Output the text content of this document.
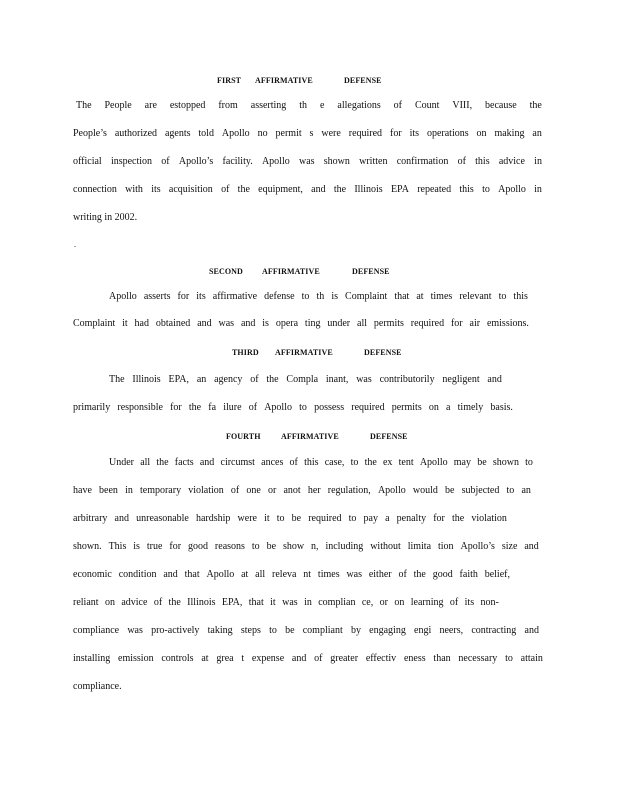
FIRST AFFIRMATIVE	DEFENSE
The People are estopped from asserting th e allegations of Count VIII, because the
People’s authorized agents told Apollo no permit s were required for its operations on making an
official inspection of Apollo’s facility. Apollo was shown written confirmation of this advice in
connection with its acquisition of the equipment, and the Illinois EPA repeated this to Apollo in
writing in 2002.
.
SECOND AFFIRMATIVE	DEFENSE
Apollo asserts for its affirmative defense to th is Complaint that at times relevant to this
Complaint it had obtained and was and is opera ting under all permits required for air emissions.
THIRD AFFIRMATIVE	DEFENSE
The Illinois EPA, an agency of the Compla inant, was contributorily negligent and
primarily responsible for the fa ilure of Apollo to possess required permits on a timely basis.
FOURTH	AFFIRMATIVE	DEFENSE
Under all the facts and circumst ances of this case, to the ex tent Apollo may be shown to
have been in temporary violation of one or anot her regulation, Apollo would be subjected to an
arbitrary and unreasonable hardship were it to be required to pay a penalty for the violation
shown. This is true for good reasons to be show n, including without limita tion Apollo’s size and
economic condition and that Apollo at all releva nt times was either of the good faith belief,
reliant on advice of the Illinois EPA, that it was in complian ce, or on learning of its non-
compliance was pro-actively taking steps to be compliant by engaging engi neers, contracting and
installing emission controls at grea t expense and of greater effectiv eness than necessary to attain
compliance.
